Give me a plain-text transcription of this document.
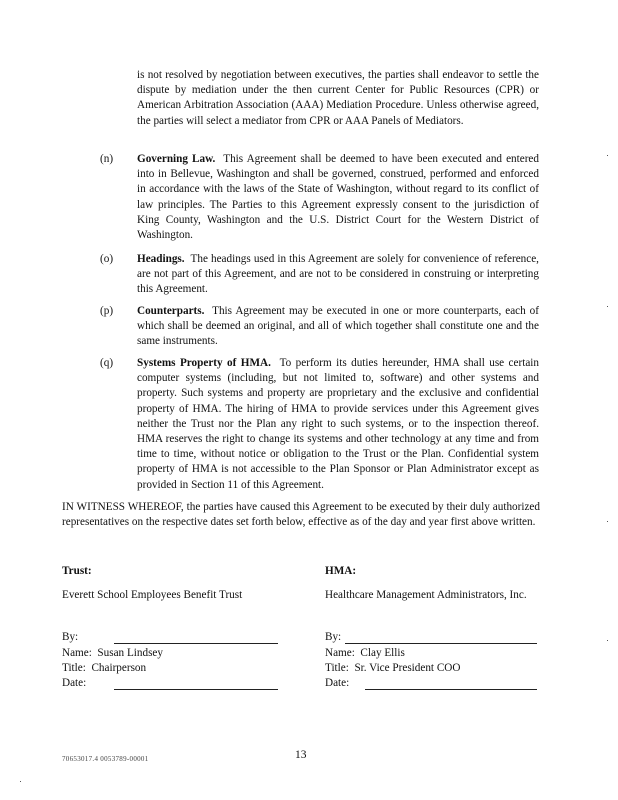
is not resolved by negotiation between executives, the parties shall endeavor to settle the dispute by mediation under the then current Center for Public Resources (CPR) or American Arbitration Association (AAA) Mediation Procedure. Unless otherwise agreed, the parties will select a mediator from CPR or AAA Panels of Mediators.
(n) Governing Law. This Agreement shall be deemed to have been executed and entered into in Bellevue, Washington and shall be governed, construed, performed and enforced in accordance with the laws of the State of Washington, without regard to its conflict of law principles. The Parties to this Agreement expressly consent to the jurisdiction of King County, Washington and the U.S. District Court for the Western District of Washington.
(o) Headings. The headings used in this Agreement are solely for convenience of reference, are not part of this Agreement, and are not to be considered in construing or interpreting this Agreement.
(p) Counterparts. This Agreement may be executed in one or more counterparts, each of which shall be deemed an original, and all of which together shall constitute one and the same instruments.
(q) Systems Property of HMA. To perform its duties hereunder, HMA shall use certain computer systems (including, but not limited to, software) and other systems and property. Such systems and property are proprietary and the exclusive and confidential property of HMA. The hiring of HMA to provide services under this Agreement gives neither the Trust nor the Plan any right to such systems, or to the inspection thereof. HMA reserves the right to change its systems and other technology at any time and from time to time, without notice or obligation to the Trust or the Plan. Confidential system property of HMA is not accessible to the Plan Sponsor or Plan Administrator except as provided in Section 11 of this Agreement.
IN WITNESS WHEREOF, the parties have caused this Agreement to be executed by their duly authorized representatives on the respective dates set forth below, effective as of the day and year first above written.
Trust:
Everett School Employees Benefit Trust
By:
Name: Susan Lindsey
Title: Chairperson
Date:
HMA:
Healthcare Management Administrators, Inc.
By:
Name: Clay Ellis
Title: Sr. Vice President COO
Date:
70653017.4 0053789-00001	13
